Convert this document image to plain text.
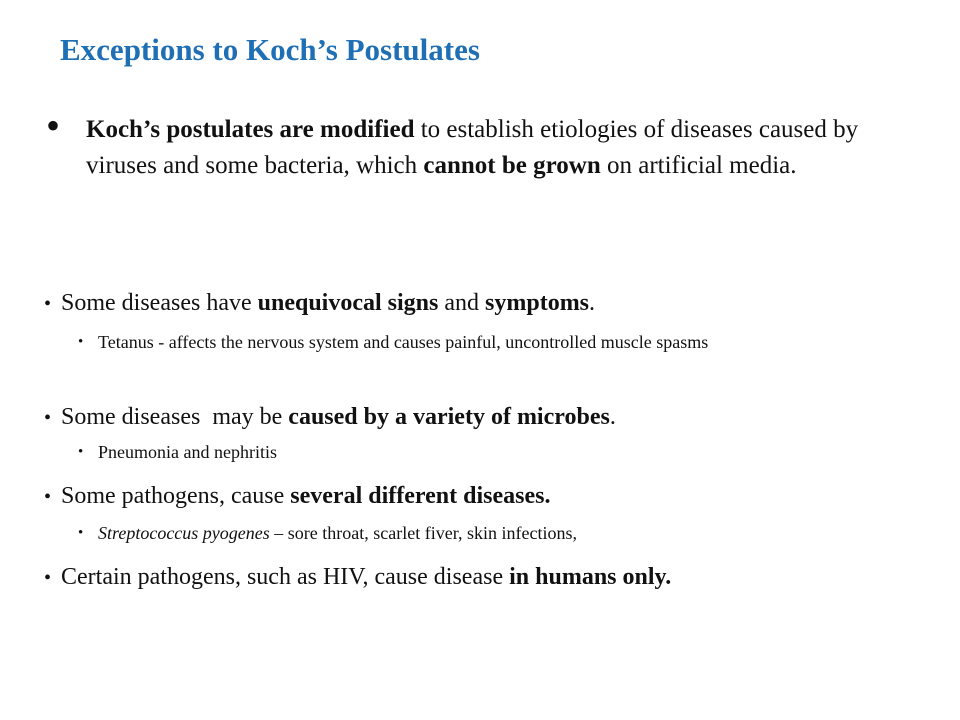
Exceptions to Koch’s Postulates
• Koch’s postulates are modified to establish etiologies of diseases caused by viruses and some bacteria, which cannot be grown on artificial media.
• Some diseases have unequivocal signs and symptoms.
• Tetanus - affects the nervous system and causes painful, uncontrolled muscle spasms
• Some diseases  may be caused by a variety of microbes.
• Pneumonia and nephritis
• Some pathogens, cause several different diseases.
• Streptococcus pyogenes – sore throat, scarlet fiver, skin infections,
• Certain pathogens, such as HIV, cause disease in humans only.
